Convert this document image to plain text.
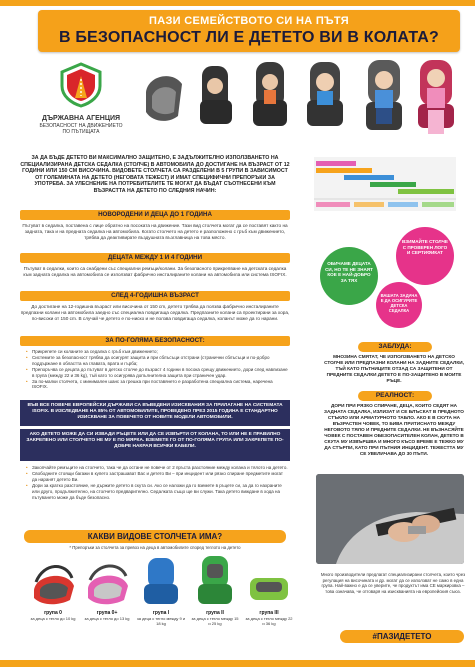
ПАЗИ СЕМЕЙСТВОТО СИ НА ПЪТЯ
В БЕЗОПАСНОСТ ЛИ Е ДЕТЕТО ВИ В КОЛАТА?
ДЪРЖАВНА АГЕНЦИЯ
БЕЗОПАСНОСТ НА ДВИЖЕНИЕТО ПО ПЪТИЩАТА
ЗА ДА БЪДЕ ДЕТЕТО ВИ МАКСИМАЛНО ЗАЩИТЕНО, Е ЗАДЪЛЖИТЕЛНО ИЗПОЛЗВАНЕТО НА СПЕЦИАЛИЗИРАНА ДЕТСКА СЕДАЛКА (СТОЛЧЕ) В АВТОМОБИЛА ДО ДОСТИГАНЕ НА ВЪЗРАСТ ОТ 12 ГОДИНИ ИЛИ 150 СМ ВИСОЧИНА. ВИДОВЕТЕ СТОЛЧЕТА СА РАЗДЕЛЕНИ В 5 ГРУПИ В ЗАВИСИМОСТ ОТ ГОЛЕМИНАТА НА ДЕТЕТО (НЕГОВАТА ТЕЖЕСТ) И ИМАТ СПЕЦИФИЧНИ ПРЕПОРЪКИ ЗА УПОТРЕБА. ЗА УЛЕСНЕНИЕ НА ПОТРЕБИТЕЛИТЕ ТЕ МОГАТ ДА БЪДАТ СЪОТНЕСЕНИ КЪМ ВЪЗРАСТТА НА ДЕТЕТО ПО СЛЕДНИЯ НАЧИН:
НОВОРОДЕНИ И ДЕЦА ДО 1 ГОДИНА
Пътуват в седалка, поставена с лице обратно на посоката на движение. Тази вид столчета могат да се поставят както на задната, така и на предната седалка на автомобила. Когато столчето на детето е разположено с гръб към движението, трябва да деактивирате въздушната възглавница на това място.
ДЕЦАТА МЕЖДУ 1 И 4 ГОДИНИ
Пътуват в седалки, които са снабдени със специални ремъци/колани. За безопасното прикрепване на детската седалка към задната седалка на автомобила се използват фабрично инсталираните колани на автомобила или система ISOFIX.
СЛЕД 4-ГОДИШНА ВЪЗРАСТ
До достигане на 12-годишна възраст или височина от 150 cm, детето трябва да ползва фабрично инсталираните предпазни колани на автомобила заедно със специална повдигаща седалка. Предпазните колани са проектирани за хора, по-високи от 150 cm. В случай че детето е по-ниско и не ползва повдигаща седалка, коланът може да го нарани.
ЗА ПО-ГОЛЯМА БЕЗОПАСНОСТ:
• Прикрепете си коланите за седалка с гръб към движението;
• Системите за безопасност трябва да осигурят защита и при сблъсъци отстрани (странични сблъсъци и по-добро поддържане в областта на главата, врата и гърба;
• Препоръчва се децата до пътуват в детско столче до възраст 4 години в посока срещу движението, дори след навлизане в група (между 22 и 36 kg), тъй като то осигурява допълнителна защита при страничен удар.
• За по-малки столчета, с минимален шанс за грешка при поставянето е разработена специална система, наречена ISOFIX.
ВЪВ ВСЕ ПОВЕЧЕ ЕВРОПЕЙСКИ ДЪРЖАВИ СА ВЪВЕДЕНИ ИЗИСКВАНИЯ ЗА ПРИЛАГАНЕ НА СИСТЕМАТА ISOFIX. В ИЗСЛЕДВАНЕ НА 85% ОТ АВТОМОБИЛИТЕ, ПРОВЕДЕНО ПРЕЗ 2015 ГОДИНА Е СТАНДАРТНО ИЗИСКВАНЕ ЗА ПОВЕЧЕТО ОТ НОВИТЕ МОДЕЛИ АВТОМОБИЛИ.
АКО ДЕТЕТО МОЖЕ ДА СИ ИЗВАДИ РЪЦЕТЕ ИЛИ ДА СЕ ИЗВЪРТИ ОТ КОЛАНА, ТО ИЛИ НЕ Е ПРАВИЛНО ЗАКРЕПЕНО ИЛИ СТОЛЧЕТО НЕ МУ Е ПО МЯРКА. ВЗЕМЕТЕ ГО ОТ ПО-ГОЛЯМА ГРУПА ИЛИ ЗАКРЕПЕТЕ ПО-ДОБРЕ НАКРАЯ ВСИЧКИ КАБЕЛИ.
• Закопчайте ремъците на столчето, така че да остане не повече от 2 пръста разстояние между колана и тялото на детето.
• Свободните стоящи багажи в купето застрашават Вас и детето Ви – при инцидент или рязко спиране предметите могат да наранят детето Ви.
• Дори за кратко разстояние, не държите детето в скута си. Ако се наложи да го вземете в ръцете си, за да го нахраните или друго, продължително, на столчето предварително. Седалката също ще ви служи. Така детето виждане в хода на пътуването може да бъде безопасно.
КАКВИ ВИДОВЕ СТОЛЧЕТА ИМА?
* Препоръки за столчета за превоз на деца в автомобилите според теглото на детето
група 0
за деца с тегло до 10 kg
група 0+
за деца с тегло до 13 kg
група I
за деца с тегло между 9 и 18 kg
група II
за деца с тегло между 15 и 25 kg
група III
за деца с тегло между 22 и 36 kg
ВЗИМАЙТЕ СТОЛЧЕ С ПРОВЕРЕН ЛОГО И СЕРТИФИКАТ
ОБИЧАМЕ ДЕЦАТА СИ, НО ТЕ НЕ ЗНАЯТ КОЕ Е НАЙ-ДОБРО ЗА ТЯХ
ВАШАТА ЗАДАЧА Е ДА ОСИГУРИТЕ ДЕТСКА СЕДАЛКА
ЗАБЛУДА:
МНОЗИНА СМЯТАТ, ЧЕ ИЗПОЛЗВАНЕТО НА ДЕТСКО СТОЛЧЕ ИЛИ ПРЕДПАЗНИ КОЛАНИ НА ЗАДНИТЕ СЕДАЛКИ, ТЪЙ КАТО ПЪТНИЦИТЕ ОТЗАД СА ЗАЩИТЕНИ ОТ ПРЕДНИТЕ СЕДАЛКИ ДЕТЕТО Е ПО-ЗАЩИТЕНО В МОИТЕ РЪЦЕ.
РЕАЛНОСТ:
ДОРИ ПРИ РЯЗКО СПИРАНЕ, ДЕЦА, КОИТО СЕДЯТ НА ЗАДНАТА СЕДАЛКА, ИЗЛИЗАТ И СЕ БЛЪСКАТ В ПРЕДНОТО СТЪКЛО ИЛИ АРМАТУРНОТО ТАБЛО. АКО Е В СКУТА НА ВЪЗРАСТЕН ЧОВЕК, ТО БИВА ПРИТИСНАТО МЕЖДУ НЕГОВОТО ТЯЛО И ПРЕДНИТЕ СЕДАЛКИ. НЕ ВЪЗНАСЯЙТЕ ЧОВЕК С ПОСТАВЕН ОБЕЗОПАСИТЕЛЕН КОЛАН, ДЕТЕТО В СКУТА МУ ИЗВЪРШВА И МНОГО КЪСО ВРЕМЕ Е ТЕЖКО МУ ДА СТЪРПИ, КАТО ПРИ ПЪТНИЯ ИНЦИДЕНТ. ТЕЖЕСТТА МУ СЕ УВЕЛИЧАВА ДО 30 ПЪТИ.
Много производители предлагат специализирани столчета, които чрез регулация на височината и др. могат да се използват не само в една група. Най-важно е да се уверите, че продуктът има СЕ маркировка – това означава, че отговаря на изискванията на европейския съюз.
#ПАЗИДЕТЕТО
